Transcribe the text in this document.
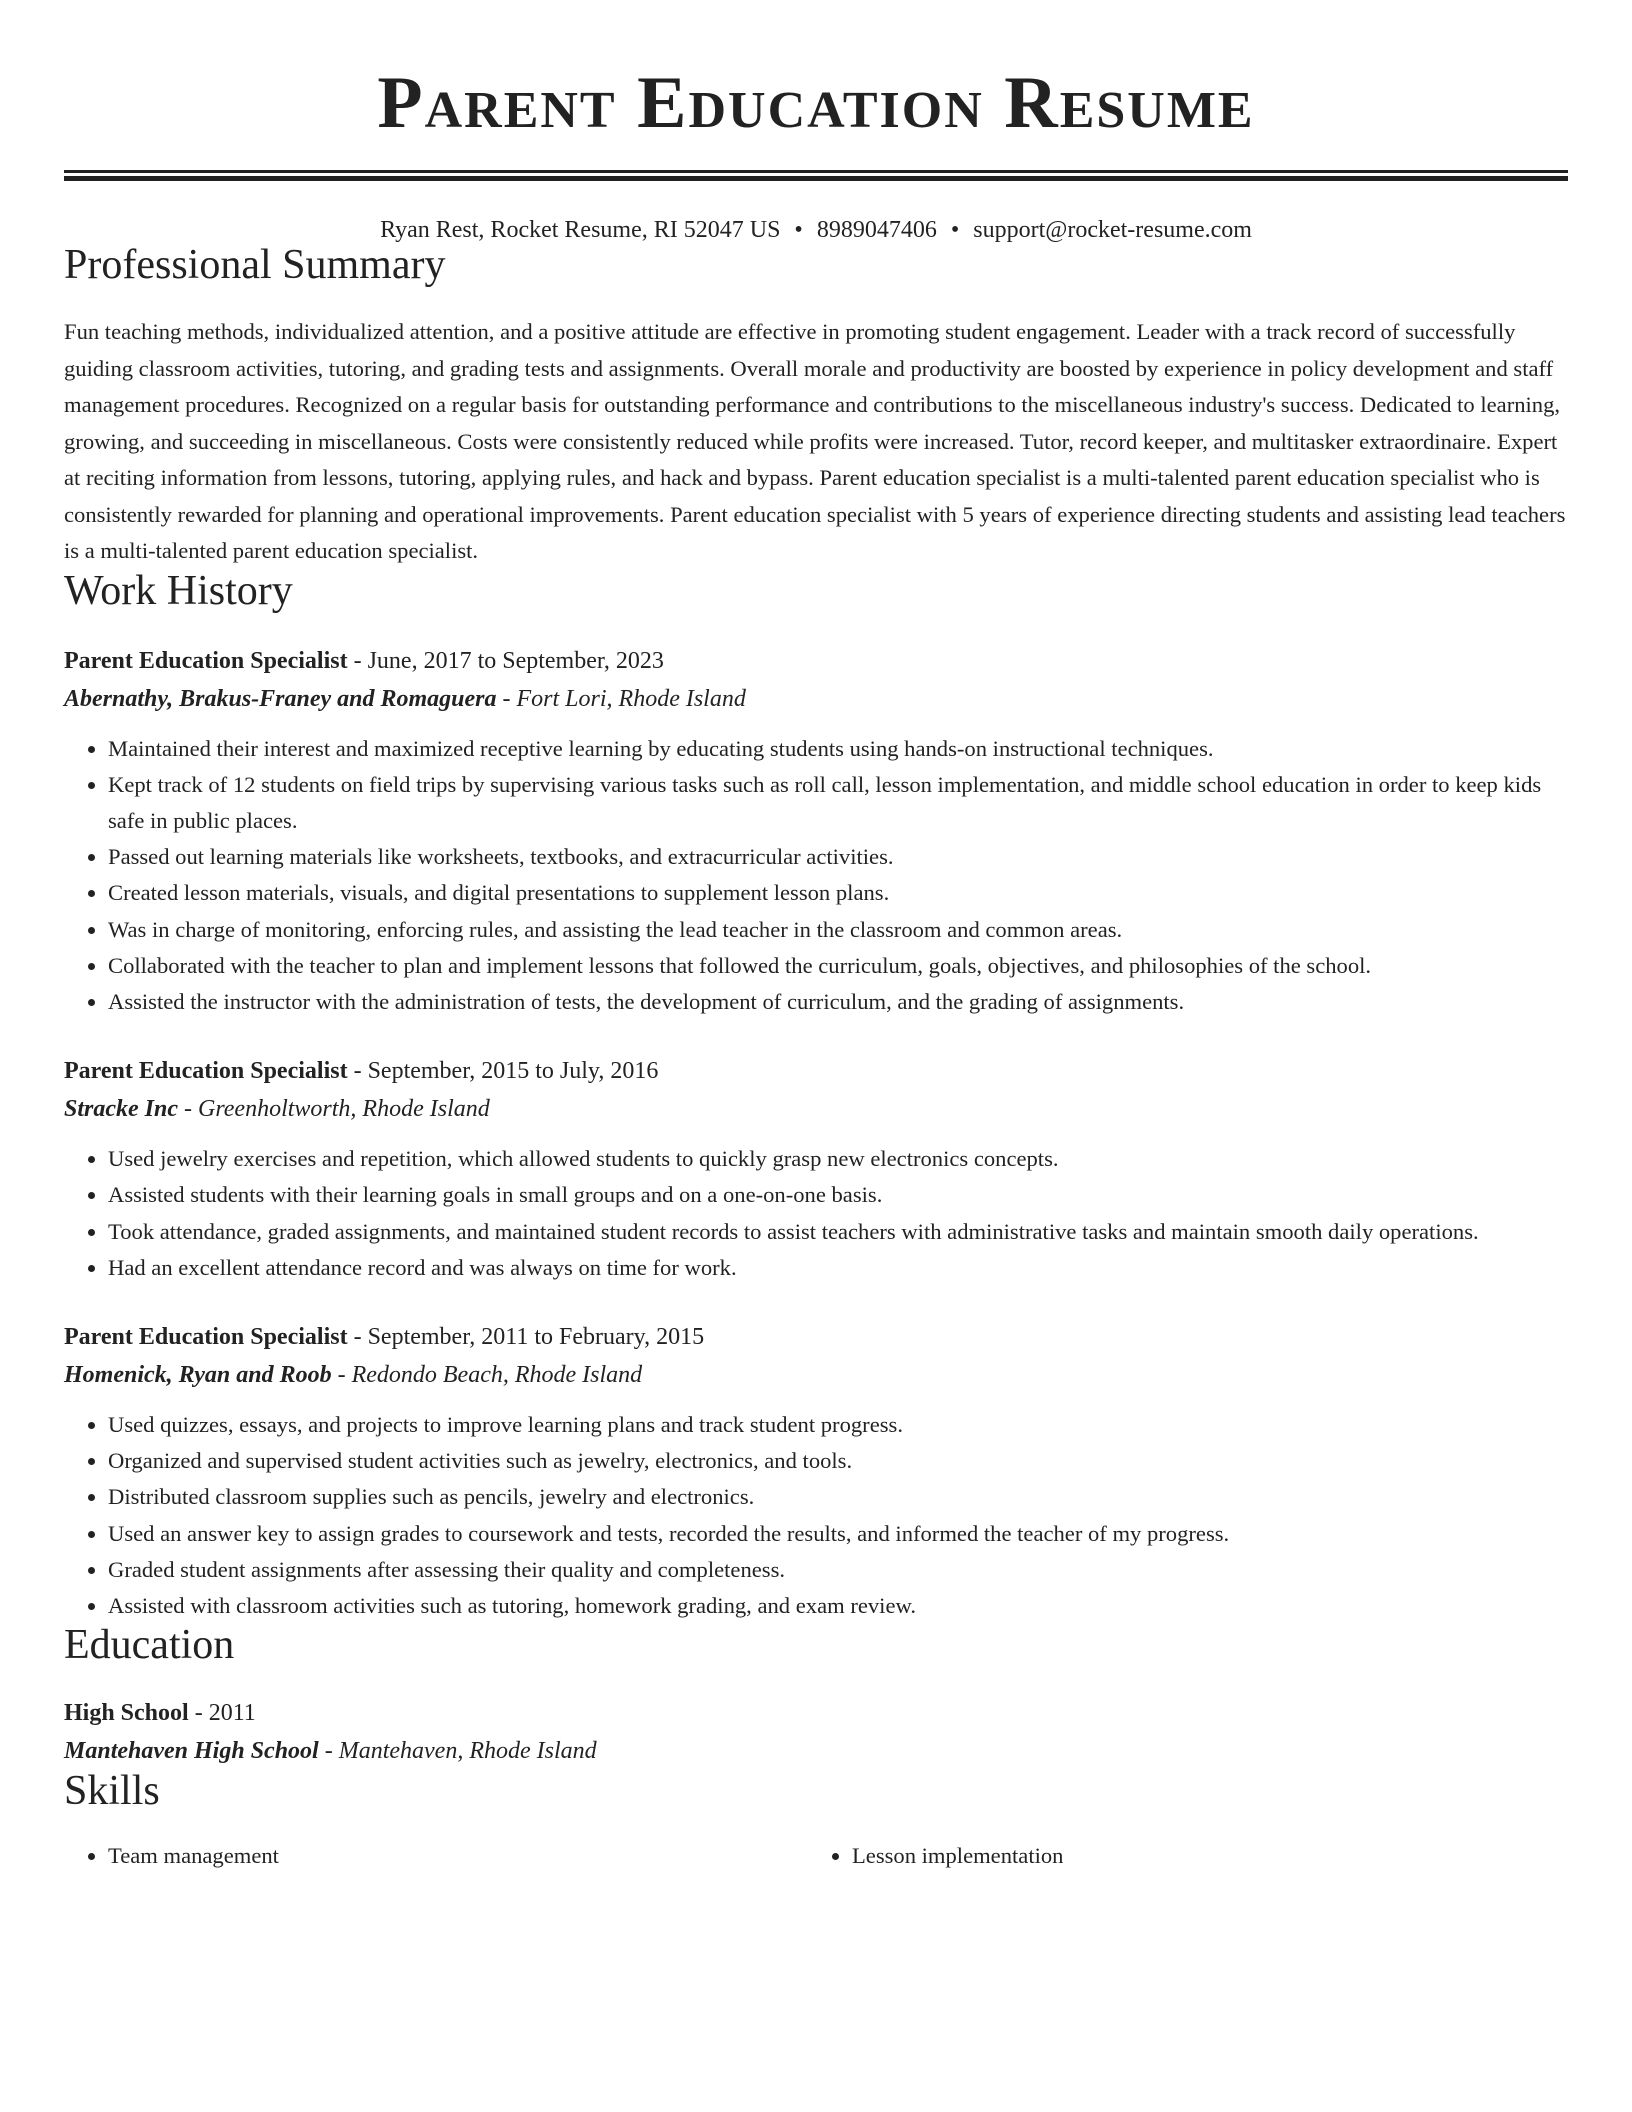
Parent Education Resume
Ryan Rest, Rocket Resume, RI 52047 US • 8989047406 • support@rocket-resume.com
Professional Summary

Fun teaching methods, individualized attention, and a positive attitude are effective in promoting student engagement. Leader with a track record of successfully guiding classroom activities, tutoring, and grading tests and assignments. Overall morale and productivity are boosted by experience in policy development and staff management procedures. Recognized on a regular basis for outstanding performance and contributions to the miscellaneous industry's success. Dedicated to learning, growing, and succeeding in miscellaneous. Costs were consistently reduced while profits were increased. Tutor, record keeper, and multitasker extraordinaire. Expert at reciting information from lessons, tutoring, applying rules, and hack and bypass. Parent education specialist is a multi-talented parent education specialist who is consistently rewarded for planning and operational improvements. Parent education specialist with 5 years of experience directing students and assisting lead teachers is a multi-talented parent education specialist.

Work History
Parent Education Specialist - June, 2017 to September, 2023
Abernathy, Brakus-Franey and Romaguera - Fort Lori, Rhode Island
• Maintained their interest and maximized receptive learning by educating students using hands-on instructional techniques.
• Kept track of 12 students on field trips by supervising various tasks such as roll call, lesson implementation, and middle school education in order to keep kids safe in public places.
• Passed out learning materials like worksheets, textbooks, and extracurricular activities.
• Created lesson materials, visuals, and digital presentations to supplement lesson plans.
• Was in charge of monitoring, enforcing rules, and assisting the lead teacher in the classroom and common areas.
• Collaborated with the teacher to plan and implement lessons that followed the curriculum, goals, objectives, and philosophies of the school.
• Assisted the instructor with the administration of tests, the development of curriculum, and the grading of assignments.
Parent Education Specialist - September, 2015 to July, 2016
Stracke Inc - Greenholtworth, Rhode Island
• Used jewelry exercises and repetition, which allowed students to quickly grasp new electronics concepts.
• Assisted students with their learning goals in small groups and on a one-on-one basis.
• Took attendance, graded assignments, and maintained student records to assist teachers with administrative tasks and maintain smooth daily operations.
• Had an excellent attendance record and was always on time for work.
Parent Education Specialist - September, 2011 to February, 2015
Homenick, Ryan and Roob - Redondo Beach, Rhode Island
• Used quizzes, essays, and projects to improve learning plans and track student progress.
• Organized and supervised student activities such as jewelry, electronics, and tools.
• Distributed classroom supplies such as pencils, jewelry and electronics.
• Used an answer key to assign grades to coursework and tests, recorded the results, and informed the teacher of my progress.
• Graded student assignments after assessing their quality and completeness.
• Assisted with classroom activities such as tutoring, homework grading, and exam review.
Education
High School - 2011
Mantehaven High School - Mantehaven, Rhode Island
Skills
• Team management
•	Lesson implementation
